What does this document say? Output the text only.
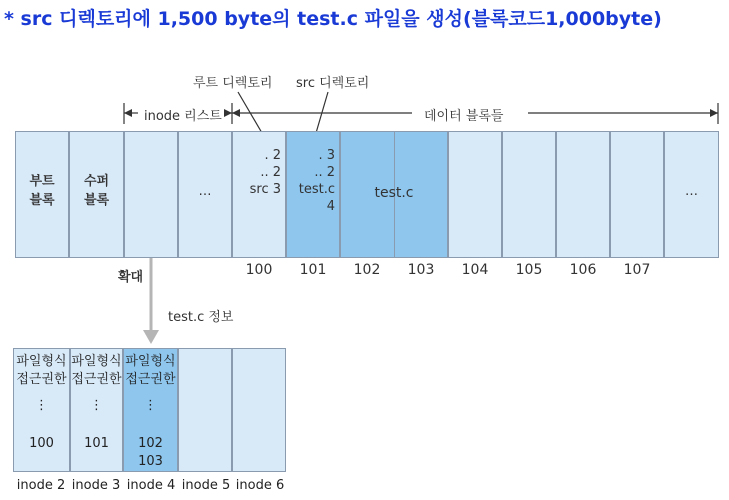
* src 디렉토리에 1,500 byte의 test.c 파일을 생성(블록코드1,000byte)
루트 디렉토리 src 디렉토리
inode 리스트	데이터 블록들
부트
블록
수퍼
블록
…
. 2
.. 2
src 3
. 3
.. 2
test.c 4
test.c	…
100	101	102	103	104	105	106	107
확대
test.c 정보
파일형식
접근권한
⋮
100
파일형식
접근권한
⋮
101
파일형식
접근권한
⋮
102
103
inode 2 inode 3 inode 4 inode 5 inode 6
